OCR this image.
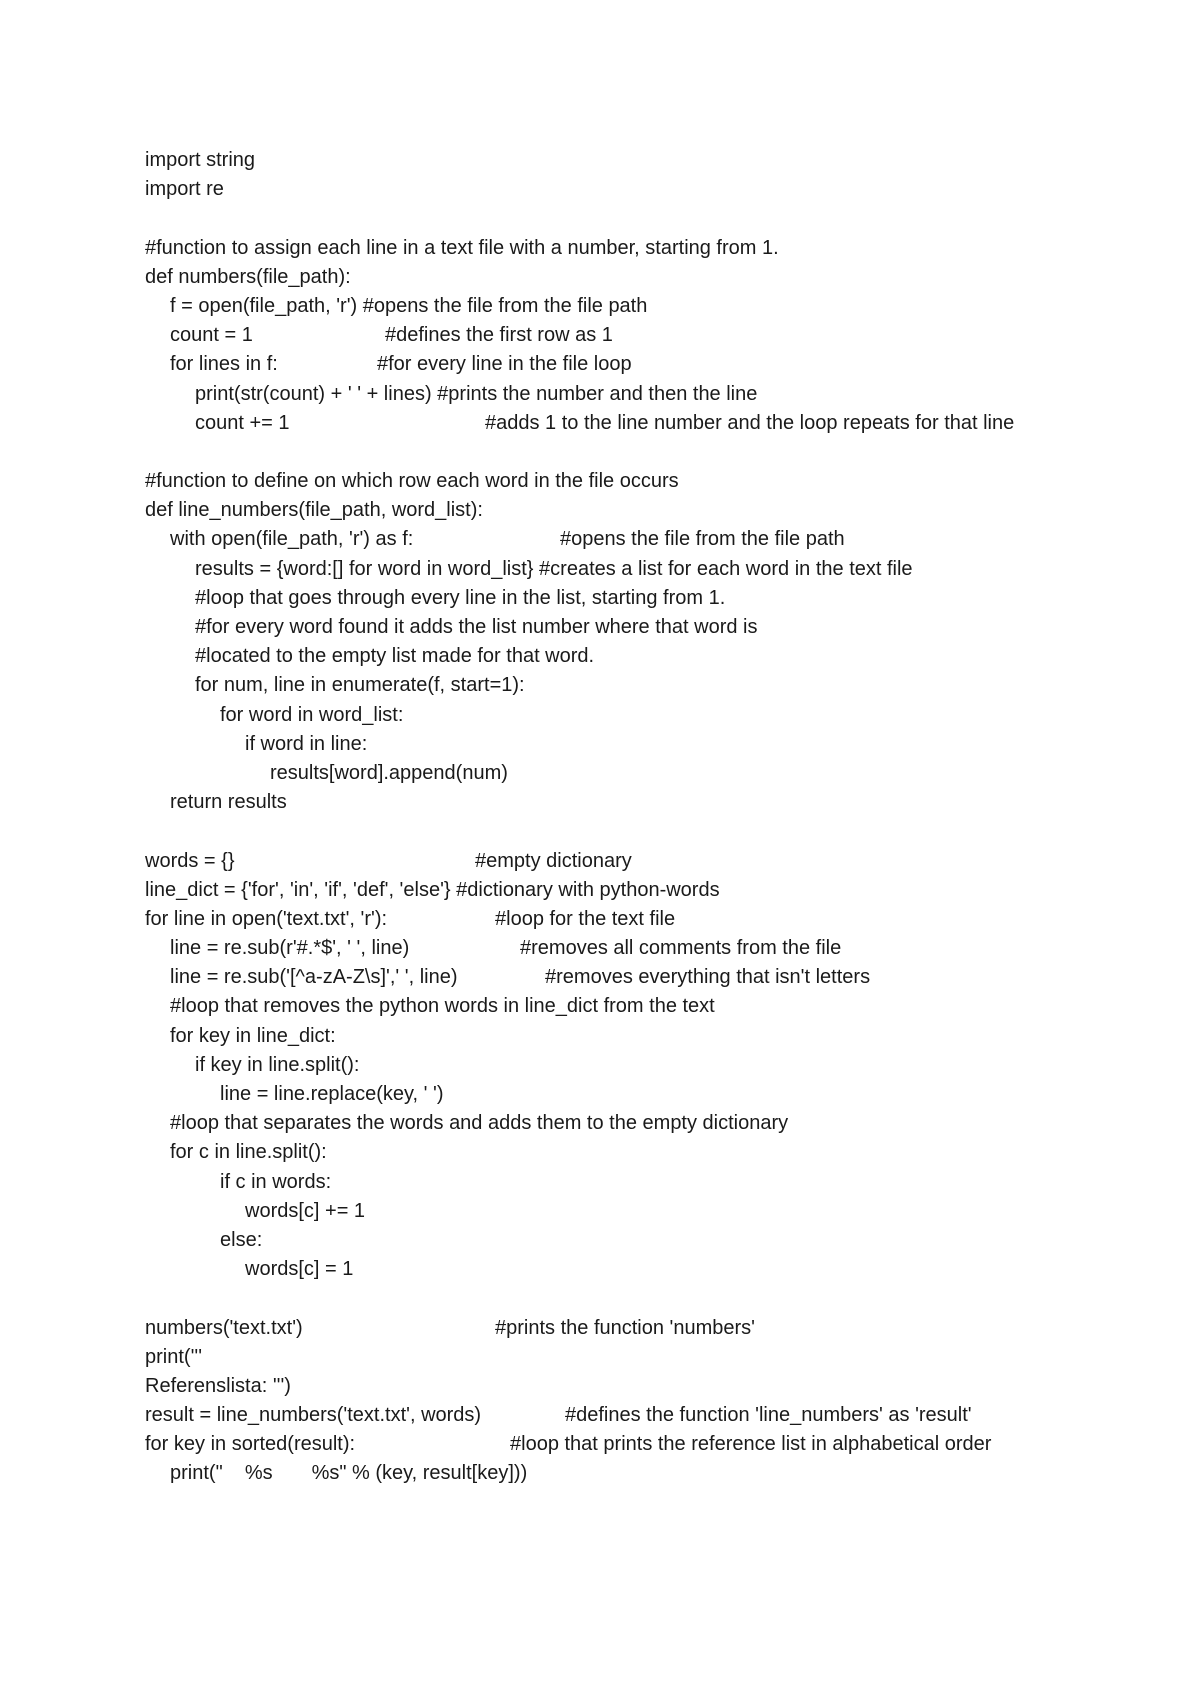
import string
import re
#function to assign each line in a text file with a number, starting from 1.
def numbers(file_path):
f = open(file_path, 'r') #opens the file from the file path
count = 1	#defines the first row as 1
for lines in f:	#for every line in the file loop
print(str(count) + ' ' + lines) #prints the number and then the line
count += 1	#adds 1 to the line number and the loop repeats for that line
#function to define on which row each word in the file occurs
def line_numbers(file_path, word_list):
with open(file_path, 'r') as f:	#opens the file from the file path
results = {word:[] for word in word_list} #creates a list for each word in the text file
#loop that goes through every line in the list, starting from 1.
#for every word found it adds the list number where that word is
#located to the empty list made for that word.
for num, line in enumerate(f, start=1):
for word in word_list:
if word in line:
results[word].append(num)
return results
words = {}	#empty dictionary
line_dict = {'for', 'in', 'if', 'def', 'else'} #dictionary with python-words
for line in open('text.txt', 'r'):	#loop for the text file
line = re.sub(r'#.*$', ' ', line)	#removes all comments from the file
line = re.sub('[^a-zA-Z\s]',' ', line)	#removes everything that isn't letters
#loop that removes the python words in line_dict from the text
for key in line_dict:
if key in line.split():
line = line.replace(key, ' ')
#loop that separates the words and adds them to the empty dictionary
for c in line.split():
if c in words:
words[c] += 1
else:
words[c] = 1
numbers('text.txt')	#prints the function 'numbers'
print('''
Referenslista: ''')
result = line_numbers('text.txt', words)	#defines the function 'line_numbers' as 'result'
for key in sorted(result):	#loop that prints the reference list in alphabetical order
print("    %s       %s" % (key, result[key]))
